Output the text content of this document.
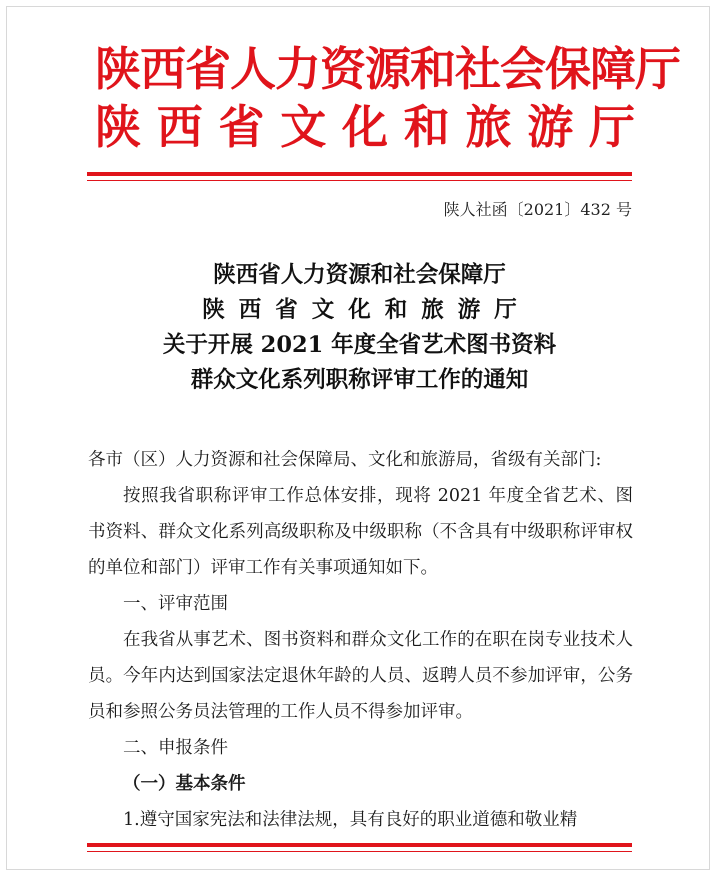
陕西省人力资源和社会保障厅
陕西省文化和旅游厅
陕人社函〔2021〕432 号
陕西省人力资源和社会保障厅
陕西省文化和旅游厅
关于开展 2021 年度全省艺术图书资料
群众文化系列职称评审工作的通知

各市（区）人力资源和社会保障局、文化和旅游局，省级有关部门:

按照我省职称评审工作总体安排，现将 2021 年度全省艺术、图书资料、群众文化系列高级职称及中级职称（不含具有中级职称评审权的单位和部门）评审工作有关事项通知如下。

一、评审范围

在我省从事艺术、图书资料和群众文化工作的在职在岗专业技术人员。今年内达到国家法定退休年龄的人员、返聘人员不参加评审，公务员和参照公务员法管理的工作人员不得参加评审。

二、申报条件

（一）基本条件

1.遵守国家宪法和法律法规，具有良好的职业道德和敬业精
